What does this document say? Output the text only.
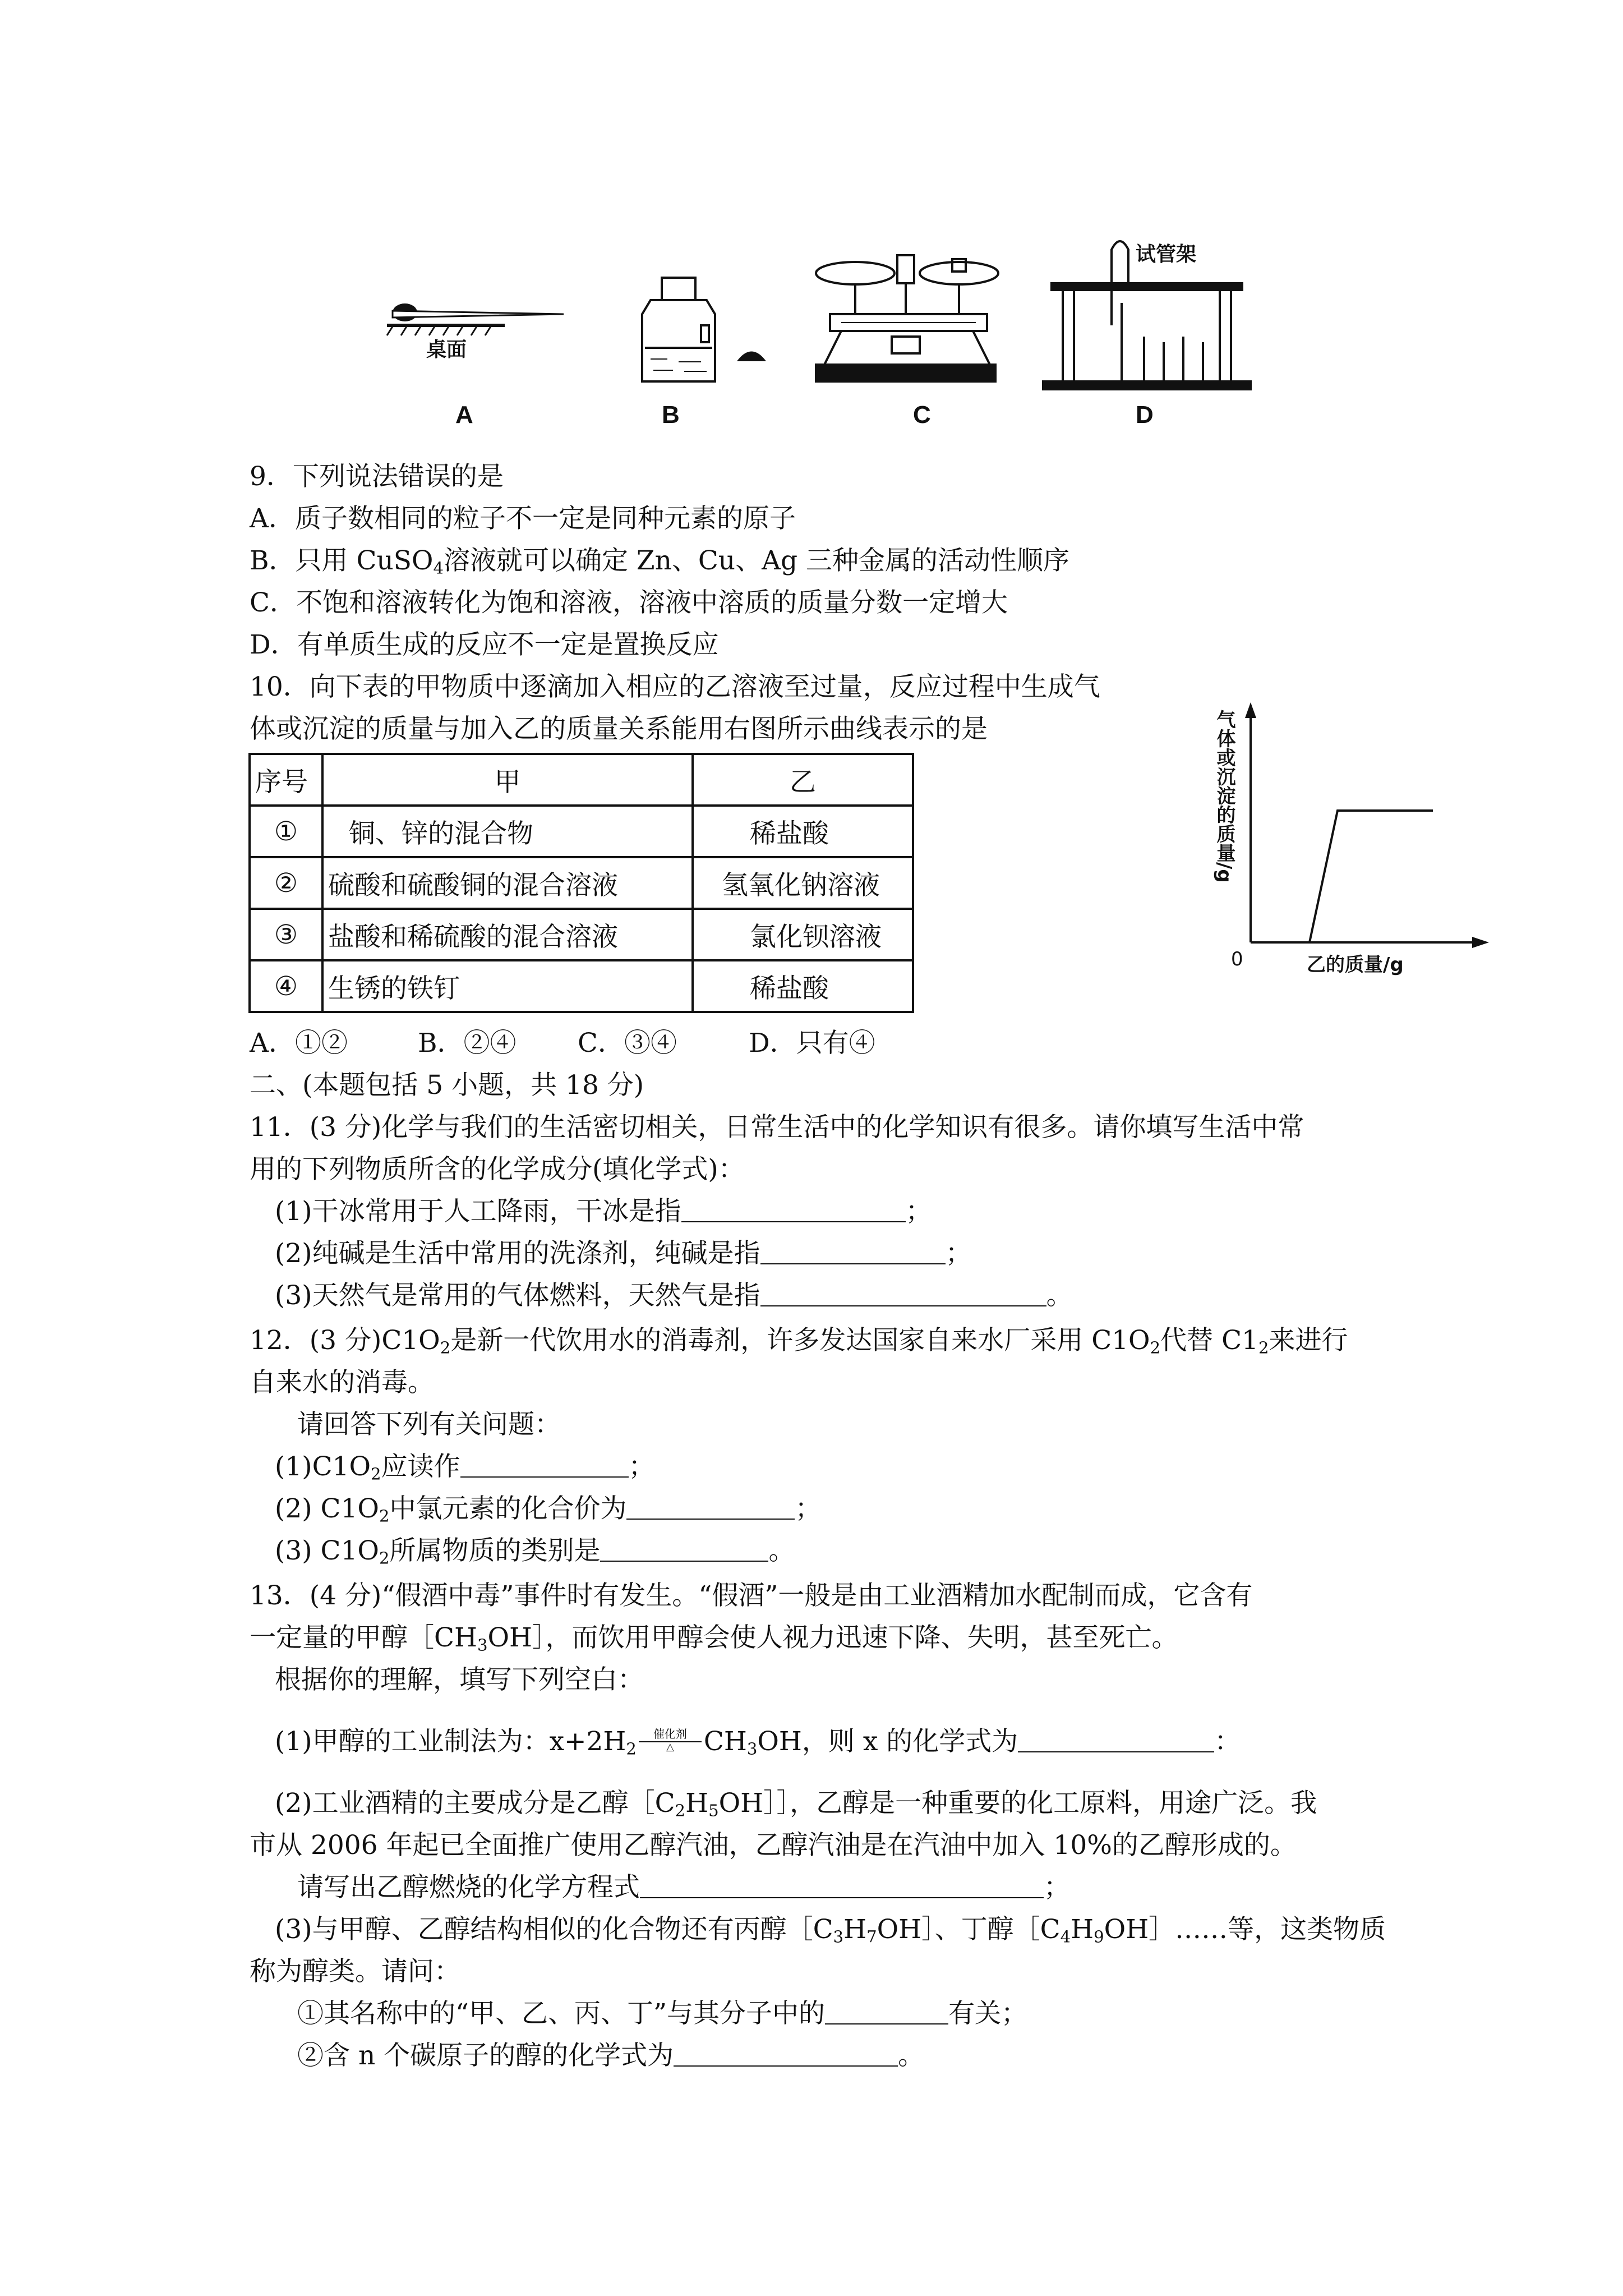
桌面
试管架
A	B	C	D
9．下列说法错误的是
A．质子数相同的粒子不一定是同种元素的原子
B．只用 CuSO$_4$溶液就可以确定 Zn、Cu、Ag 三种金属的活动性顺序
C．不饱和溶液转化为饱和溶液，溶液中溶质的质量分数一定增大
D．有单质生成的反应不一定是置换反应
10．向下表的甲物质中逐滴加入相应的乙溶液至过量，反应过程中生成气
体或沉淀的质量与加入乙的质量关系能用右图所示曲线表示的是
序号	甲	乙
①	铜、锌的混合物	稀盐酸
②	硫酸和硫酸铜的混合溶液	氢氧化钠溶液
③	盐酸和稀硫酸的混合溶液	氯化钡溶液
④	生锈的铁钉	稀盐酸
气体或沉淀的质量/g
0	乙的质量/g
A．①②	B．②④ C．③④	D．只有④
二、(本题包括 5 小题，共 18 分)
11．(3 分)化学与我们的生活密切相关，日常生活中的化学知识有很多。请你填写生活中常
用的下列物质所含的化学成分(填化学式)：
(1)干冰常用于人工降雨，干冰是指	；
(2)纯碱是生活中常用的洗涤剂，纯碱是指	；
(3)天然气是常用的气体燃料，天然气是指	。
12．(3 分)$C1O_2$是新一代饮用水的消毒剂，许多发达国家自来水厂采用 $C1O_2$代替 $C1_2$来进行
自来水的消毒。
请回答下列有关问题：
$(1)C1O_2$应读作	；
(2) $C1O_2$中氯元素的化合价为	；
(3) $C1O_2$所属物质的类别是	。
13．(4 分)“假酒中毒”事件时有发生。“假酒”一般是由工业酒精加水配制而成，它含有
一定量的甲醇$[CH_3OH]$，而饮用甲醇会使人视力迅速下降、失明，甚至死亡。
根据你的理解，填写下列空白：
(1)甲醇的工业制法为：$x+2H_2$
催化剂
△	$CH_3OH$，则 x 的化学式为	：
(2)工业酒精的主要成分是乙醇$[C_2H_5OH]]$，乙醇是一种重要的化工原料，用途广泛。我
市从 2006 年起已全面推广使用乙醇汽油，乙醇汽油是在汽油中加入 10%的乙醇形成的。
请写出乙醇燃烧的化学方程式	；
(3)与甲醇、乙醇结构相似的化合物还有丙醇$[C_3H_7OH]$、丁醇$[C_4H_9OH]\dots\dots$等，这类物质
称为醇类。请问：
①其名称中的“甲、乙、丙、丁”与其分子中的	有关；
②含 n 个碳原子的醇的化学式为	。
